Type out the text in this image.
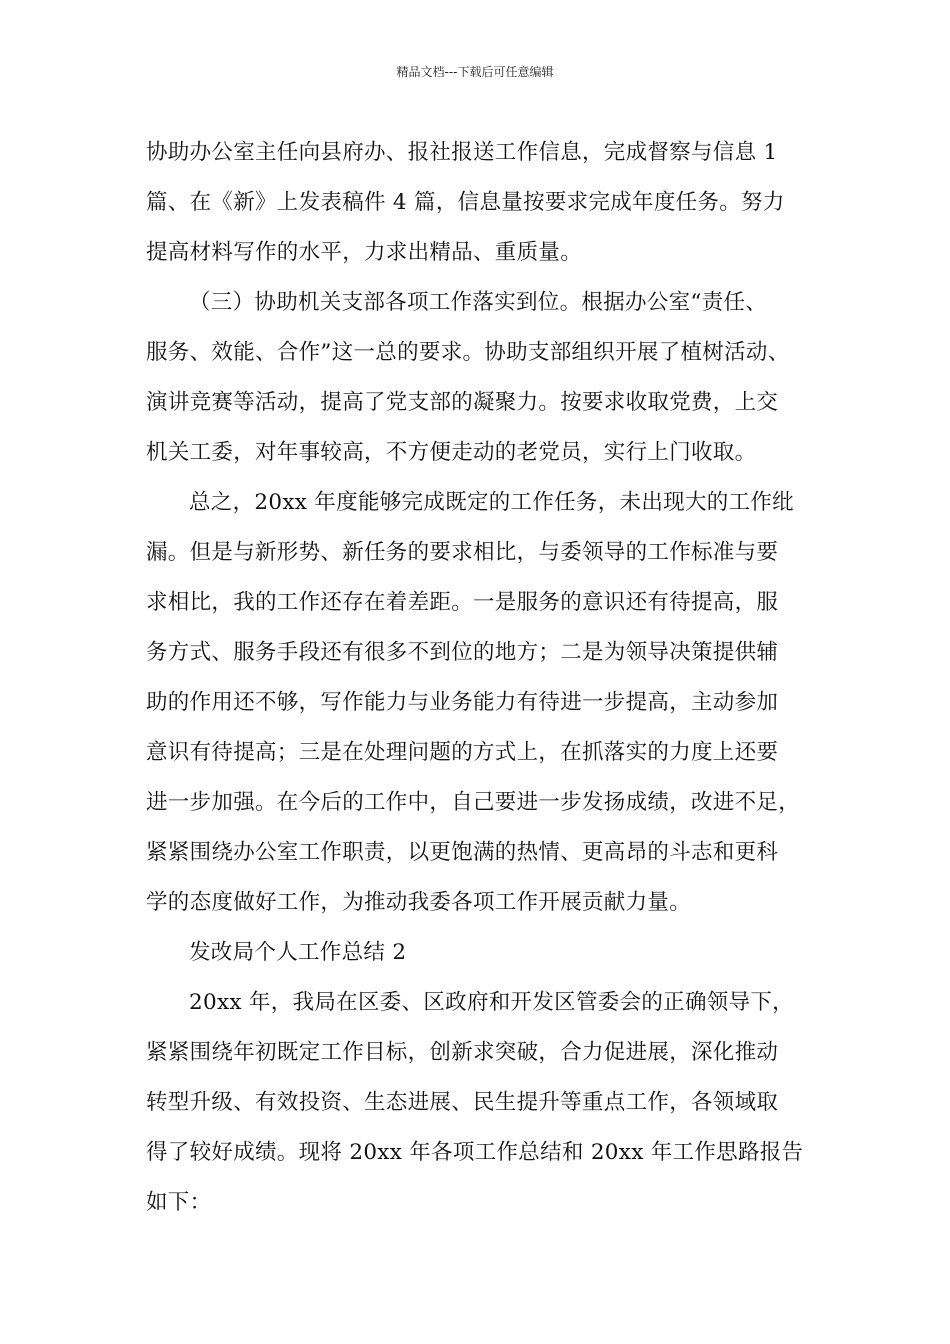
精品文档---下载后可任意编辑
协助办公室主任向县府办、报社报送工作信息，完成督察与信息 1
篇、在《新》上发表稿件 4 篇，信息量按要求完成年度任务。努力
提高材料写作的水平，力求出精品、重质量。
（三）协助机关支部各项工作落实到位。根据办公室“责任、
服务、效能、合作”这一总的要求。协助支部组织开展了植树活动、
演讲竞赛等活动，提高了党支部的凝聚力。按要求收取党费，上交
机关工委，对年事较高，不方便走动的老党员，实行上门收取。
总之，20xx 年度能够完成既定的工作任务，未出现大的工作纰
漏。但是与新形势、新任务的要求相比，与委领导的工作标准与要
求相比，我的工作还存在着差距。一是服务的意识还有待提高，服
务方式、服务手段还有很多不到位的地方；二是为领导决策提供辅
助的作用还不够，写作能力与业务能力有待进一步提高，主动参加
意识有待提高；三是在处理问题的方式上，在抓落实的力度上还要
进一步加强。在今后的工作中，自己要进一步发扬成绩，改进不足，
紧紧围绕办公室工作职责，以更饱满的热情、更高昂的斗志和更科
学的态度做好工作，为推动我委各项工作开展贡献力量。
发改局个人工作总结 2
20xx 年，我局在区委、区政府和开发区管委会的正确领导下，
紧紧围绕年初既定工作目标，创新求突破，合力促进展，深化推动
转型升级、有效投资、生态进展、民生提升等重点工作，各领域取
得了较好成绩。现将 20xx 年各项工作总结和 20xx 年工作思路报告
如下：
